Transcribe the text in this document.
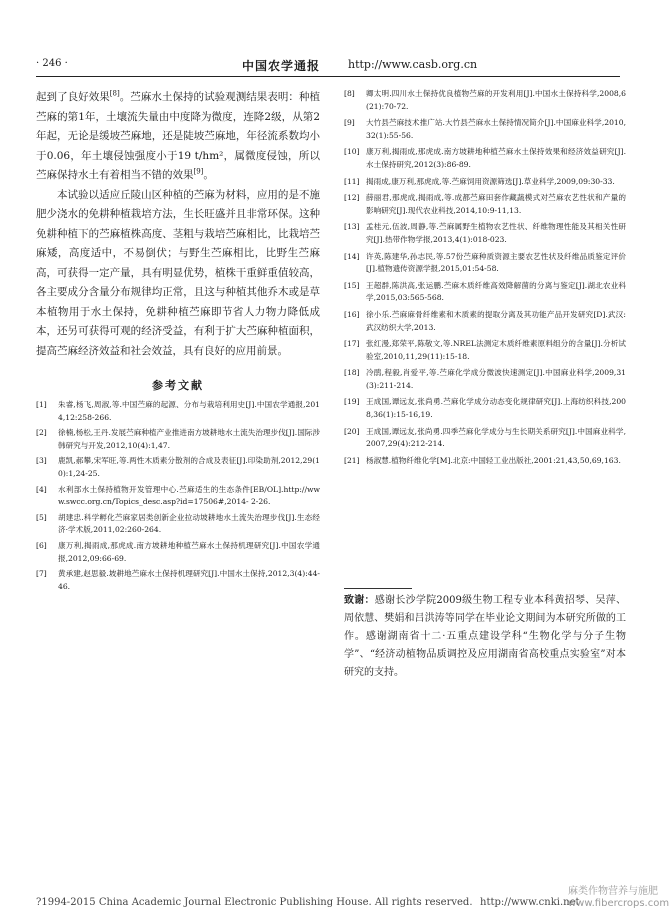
· 246 ·	中国农学通报	http://www.casb.org.cn

起到了良好效果[8]。苎麻水土保持的试验观测结果表明：种植苎麻的第1年，土壤流失量由中度降为微度，连降2级，从第2年起，无论是缓坡苎麻地，还是陡坡苎麻地，年径流系数均小于0.06，年土壤侵蚀强度小于19 t/hm²，属微度侵蚀，所以苎麻保持水土有着相当不错的效果[9]。

本试验以适应丘陵山区种植的苎麻为材料，应用的是不施肥少浇水的免耕种植栽培方法，生长旺盛并且非常环保。这种免耕种植下的苎麻植株高度、茎粗与栽培苎麻相比，比栽培苎麻矮，高度适中，不易倒伏；与野生苎麻相比，比野生苎麻高，可获得一定产量，具有明显优势，植株干重鲜重值较高，各主要成分含量分布规律均正常，且这与种植其他乔木或是草本植物用于水土保持，免耕种植苎麻即节省人力物力降低成本，还另可获得可观的经济受益，有利于扩大苎麻种植面积，提高苎麻经济效益和社会效益，具有良好的应用前景。

参考文献
[1]	朱睿,杨飞,周淑,等.中国苎麻的起源、分布与栽培利用史[J].中国农学通报,2014,12:258-266.
[2]	徐楠,杨松,王丹.发展苎麻种植产业推进南方坡耕地水土流失治理步伐[J].国际涉韩研究与开发,2012,10(4):1,47.
[3]	鹿凯,郝攀,宋军旺,等.两性木质素分散剂的合成及表征[J].印染助剂,2012,29(10):1,24-25.
[4]	水利部水土保持植物开发管理中心.苎麻适生的生态条件[EB/OL].http://www.swcc.org.cn/Topics_desc.asp?id=17506#,2014- 2-26.
[5]	胡建忠.科学孵化苎麻家居类创新企业拉动坡耕地水土流失治理步伐[J].生态经济·学术版,2011,02:260-264.
[6]	康万利,揭雨成,那虎成.南方坡耕地种植苎麻水土保持机理研究[J].中国农学通报,2012,09:66-69.
[7]	黄承建,赵思毅.坡耕地苎麻水土保持机理研究[J].中国水土保持,2012,3(4):44-46.
[8]	卿太明.四川水土保持优良植物苎麻的开发利用[J].中国水土保持科学,2008,6(21):70-72.
[9]	大竹县苎麻技术推广站.大竹县苎麻水土保持情况简介[J].中国麻业科学,2010,32(1):55-56.
[10] 康万利,揭雨成,那虎成.南方坡耕地种植苎麻水土保持效果和经济效益研究[J].水土保持研究,2012(3):86-89.
[11] 揭雨成,康万利,那虎成,等.苎麻饲用资源筛选[J].草业科学,2009,09:30-33.
[12] 薛丽君,那虎成,揭雨成,等.成都苎麻田套作藏蔬模式对苎麻农艺性状和产量的影响研究[J].现代农业科技,2014,10:9-11,13.
[13] 孟桂元,伍波,周静,等.苎麻属野生植物农艺性状、纤维物理性能及其相关性研究[J].热带作物学报,2013,4(1):018-023.
[14] 许英,陈建华,孙志民,等.57份苎麻种质资源主要农艺性状及纤维品质鉴定评价[J].植物遗传资源学报,2015,01:54-58.
[15] 王超群,陈洪高,张运鹏.苎麻木质纤维高效降解菌的分离与鉴定[J].湖北农业科学,2015,03:565-568.
[16] 徐小乐.苎麻麻骨纤维素和木质素的提取分离及其功能产品开发研究[D].武汉:武汉纺织大学,2013.
[17] 张红漫,郑荣平,陈敬文,等.NREL法测定木质纤维素原料组分的含量[J].分析试验室,2010,11,29(11):15-18.
[18] 冷鹃,程毅,肖爱平,等.苎麻化学成分微波快速测定[J].中国麻业科学,2009,31(3):211-214.
[19] 王成国,谭远友,张尚勇.苎麻化学成分动态变化规律研究[J].上海纺织科技,2008,36(1):15-16,19.
[20] 王成国,谭远友,张尚勇.四季苎麻化学成分与生长期关系研究[J].中国麻业科学,2007,29(4):212-214.
[21] 杨淑慧.植物纤维化学[M].北京:中国轻工业出版社,2001:21,43,50,69,163.
致谢：感谢长沙学院2009级生物工程专业本科黄招琴、吴萍、周依慧、樊娟和吕洪涛等同学在毕业论文期间为本研究所做的工作。感谢湖南省十二·五重点建设学科“生物化学与分子生物学”、“经济动植物品质调控及应用湖南省高校重点实验室”对本研究的支持。
?1994-2015 China Academic Journal Electronic Publishing House. All rights reserved. http://www.cnki.net
麻类作物营养与施肥
www.fibercrops.com
